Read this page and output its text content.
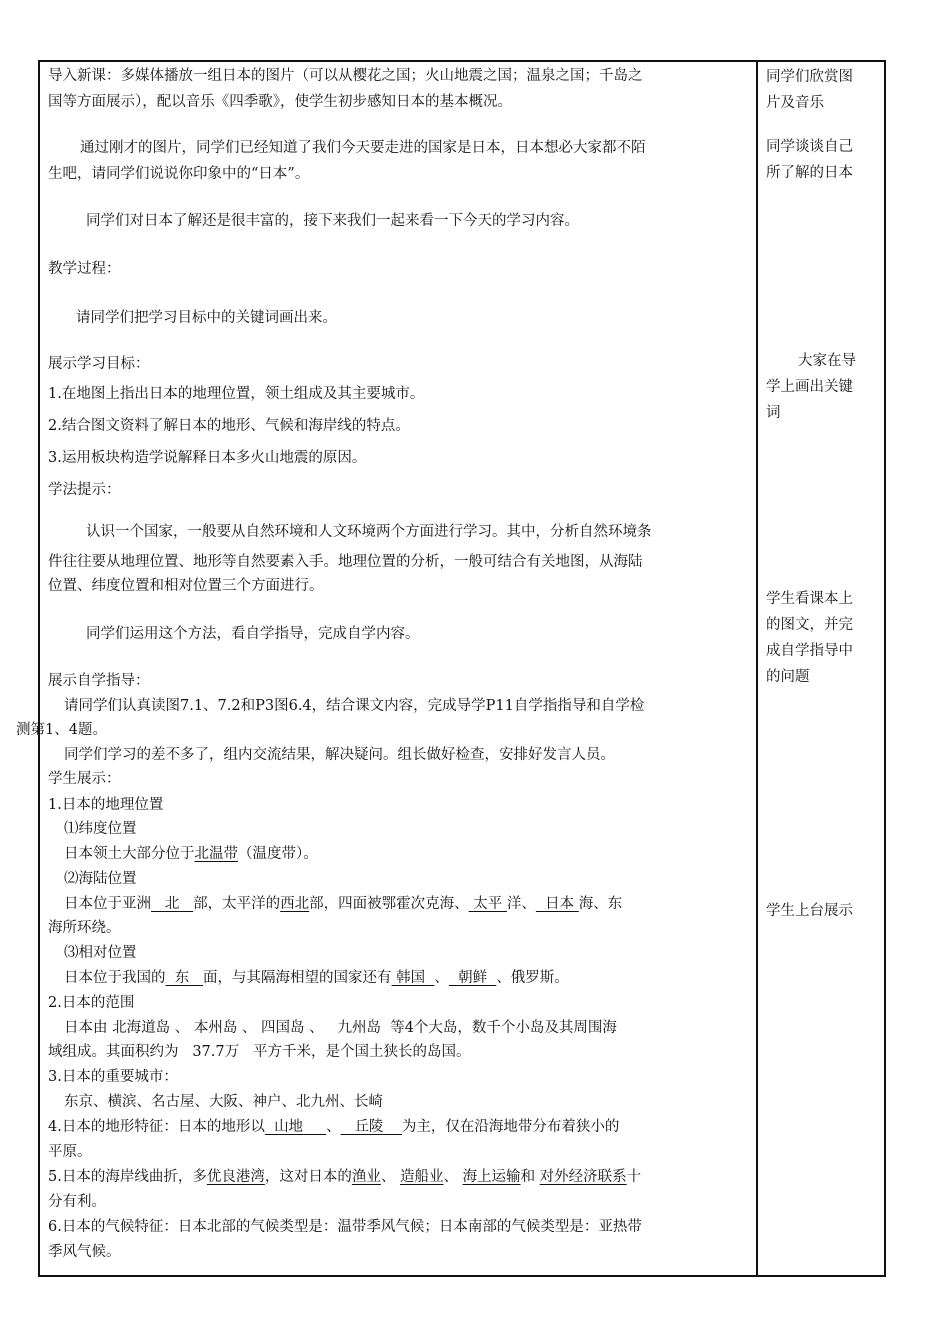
导入新课：多媒体播放一组日本的图片（可以从樱花之国；火山地震之国；温泉之国；千岛之
国等方面展示），配以音乐《四季歌》，使学生初步感知日本的基本概况。
通过刚才的图片，同学们已经知道了我们今天要走进的国家是日本，日本想必大家都不陌
生吧，请同学们说说你印象中的“日本”。
同学们对日本了解还是很丰富的，接下来我们一起来看一下今天的学习内容。
教学过程：
请同学们把学习目标中的关键词画出来。
展示学习目标：
1.在地图上指出日本的地理位置，领土组成及其主要城市。
2.结合图文资料了解日本的地形、气候和海岸线的特点。
3.运用板块构造学说解释日本多火山地震的原因。
学法提示：
认识一个国家，一般要从自然环境和人文环境两个方面进行学习。其中，分析自然环境条
件往往要从地理位置、地形等自然要素入手。地理位置的分析，一般可结合有关地图，从海陆
位置、纬度位置和相对位置三个方面进行。
同学们运用这个方法，看自学指导，完成自学内容。
展示自学指导：
请同学们认真读图7.1、7.2和P3图6.4，结合课文内容，完成导学P11自学指指导和自学检
测第1、4题。
同学们学习的差不多了，组内交流结果，解决疑问。组长做好检查，安排好发言人员。
学生展示：
1.日本的地理位置
⑴纬度位置
日本领土大部分位于北温带（温度带）。
⑵海陆位置
日本位于亚洲 北 部，太平洋的西北部，四面被鄂霍次克海、 太平 洋、 日本 海、东
海所环绕。
⑶相对位置
日本位于我国的 东 面，与其隔海相望的国家还有 韩国 、 朝鲜 、俄罗斯。
2.日本的范围
日本由 北海道岛 、 本州岛 、 四国岛 、   九州岛  等4个大岛，数千个小岛及其周围海
域组成。其面积约为   37.7万   平方千米，是个国土狭长的岛国。
3.日本的重要城市：
东京、横滨、名古屋、大阪、神户、北九州、长崎
4.日本的地形特征：日本的地形以 山地 、 丘陵 为主，仅在沿海地带分布着狭小的
平原。
5.日本的海岸线曲折，多优良港湾，这对日本的渔业、 造船业、 海上运输和 对外经济联系十
分有利。
6.日本的气候特征：日本北部的气候类型是：温带季风气候；日本南部的气候类型是：亚热带
季风气候。
同学们欣赏图
片及音乐
同学谈谈自己
所了解的日本
大家在导
学上画出关键
词
学生看课本上
的图文，并完
成自学指导中
的问题
学生上台展示
